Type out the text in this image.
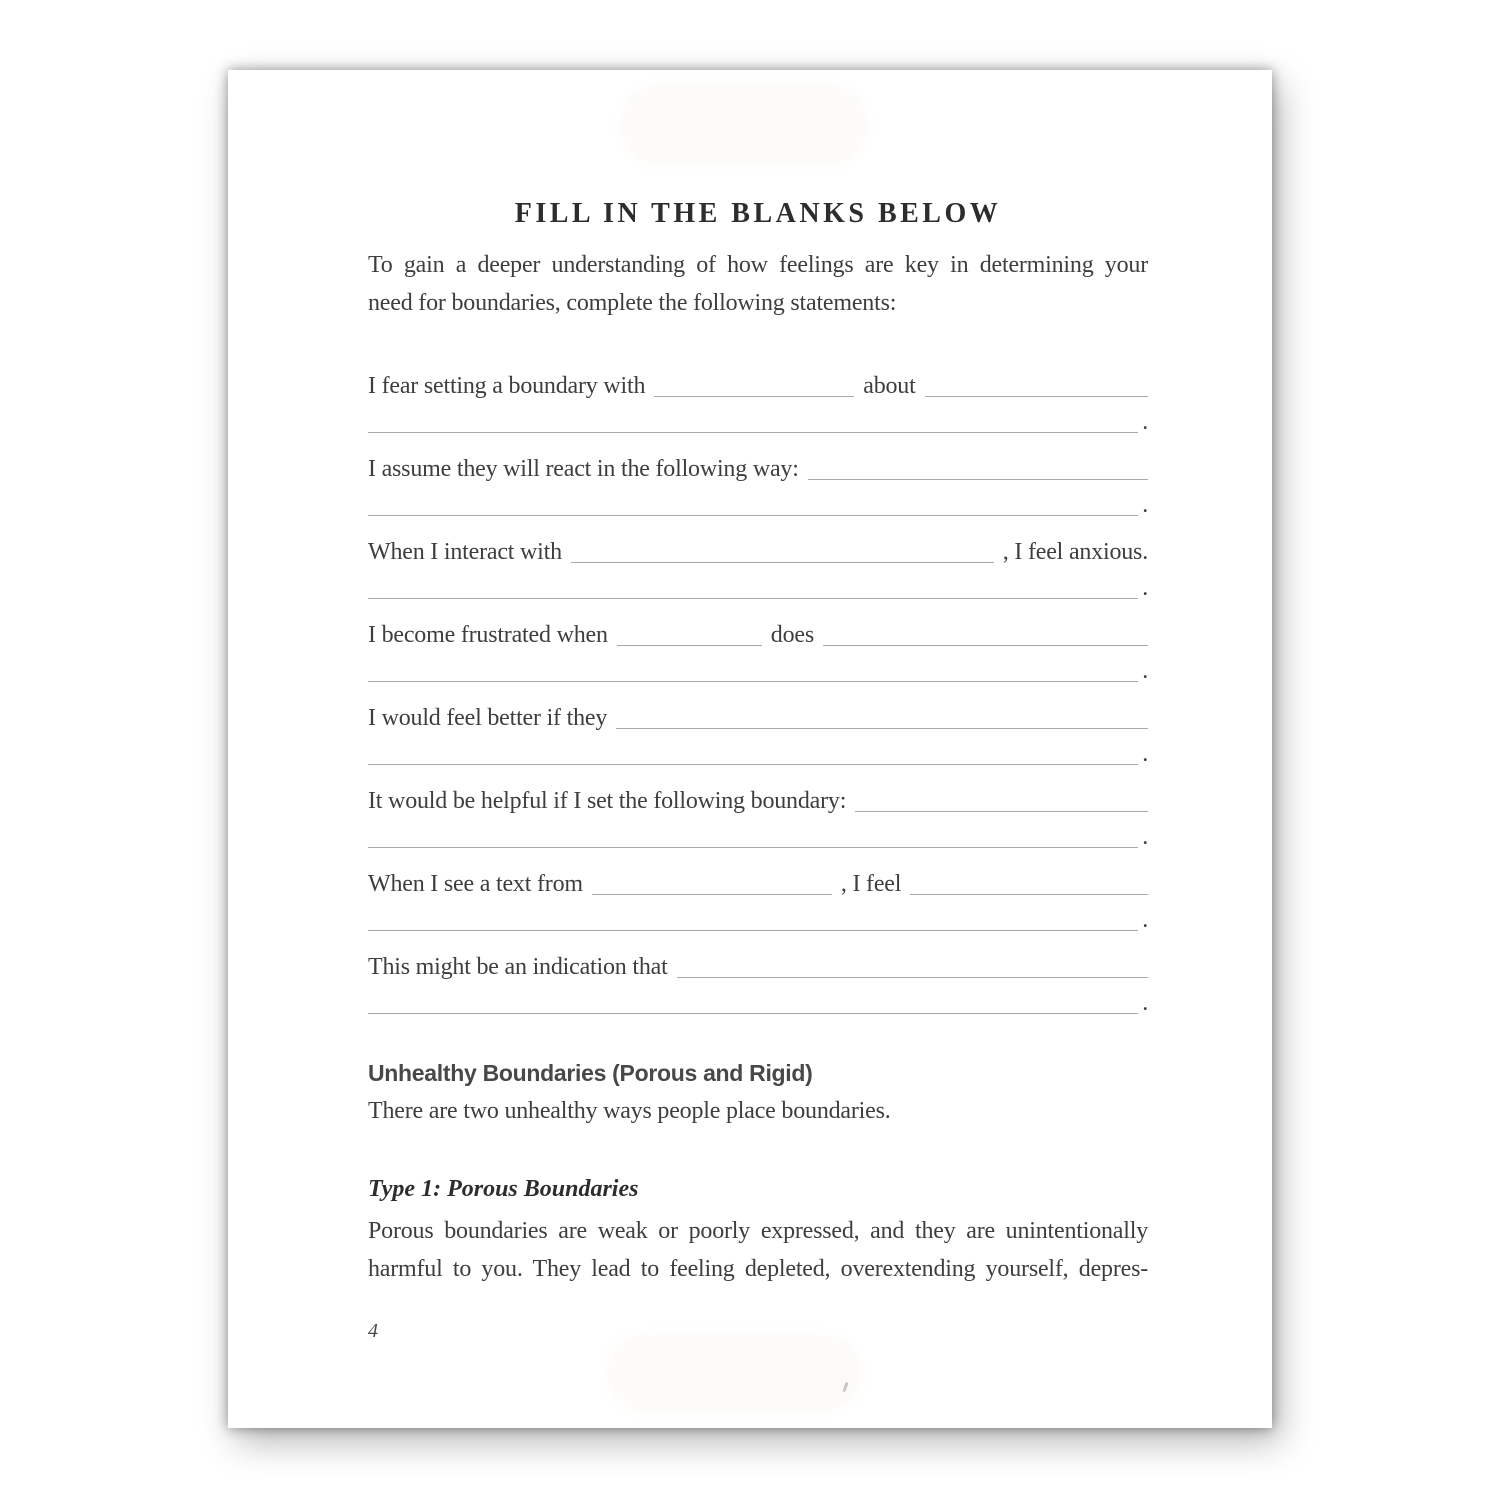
FILL IN THE BLANKS BELOW
To gain a deeper understanding of how feelings are key in determining your
need for boundaries, complete the following statements:
I fear setting a boundary with	about
.
I assume they will react in the following way:
.
When I interact with	, I feel anxious.
.
I become frustrated when	does
.
I would feel better if they
.
It would be helpful if I set the following boundary:
.
When I see a text from	, I feel
.
This might be an indication that
.
Unhealthy Boundaries (Porous and Rigid)
There are two unhealthy ways people place boundaries.
Type 1: Porous Boundaries
Porous boundaries are weak or poorly expressed, and they are unintentionally
harmful to you. They lead to feeling depleted, overextending yourself, depres-
4
